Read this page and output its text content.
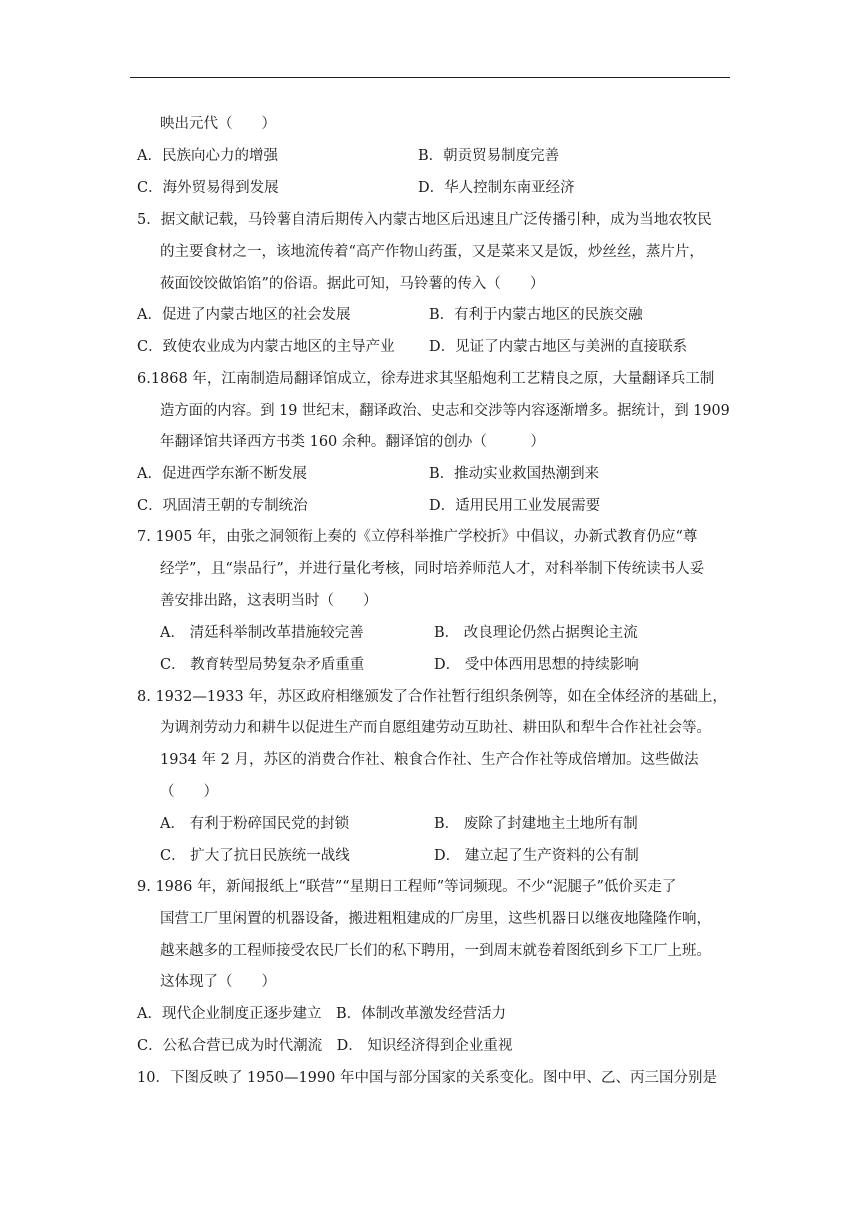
映出元代（　　）
A．民族向心力的增强	B．朝贡贸易制度完善
C．海外贸易得到发展	D．华人控制东南亚经济
5．据文献记载，马铃薯自清后期传入内蒙古地区后迅速且广泛传播引种，成为当地农牧民
的主要食材之一，该地流传着“高产作物山药蛋，又是菜来又是饭，炒丝丝，蒸片片，
莜面饺饺做馅馅”的俗语。据此可知，马铃薯的传入（　　）
A．促进了内蒙古地区的社会发展	B．有利于内蒙古地区的民族交融
C．致使农业成为内蒙古地区的主导产业 D．见证了内蒙古地区与美洲的直接联系
6.1868 年，江南制造局翻译馆成立，徐寿进求其坚船炮利工艺精良之原，大量翻译兵工制
造方面的内容。到 19 世纪末，翻译政治、史志和交涉等内容逐渐增多。据统计，到 1909
年翻译馆共译西方书类 160 余种。翻译馆的创办（　　　）
A．促进西学东渐不断发展	B．推动实业救国热潮到来
C．巩固清王朝的专制统治	D．适用民用工业发展需要
7. 1905 年，由张之洞领衔上奏的《立停科举推广学校折》中倡议，办新式教育仍应“尊
经学”，且“崇品行”，并进行量化考核，同时培养师范人才，对科举制下传统读书人妥
善安排出路，这表明当时（　　）
A． 清廷科举制改革措施较完善	B． 改良理论仍然占据舆论主流
C． 教育转型局势复杂矛盾重重	D． 受中体西用思想的持续影响
8. 1932—1933 年，苏区政府相继颁发了合作社暂行组织条例等，如在全体经济的基础上，
为调剂劳动力和耕牛以促进生产而自愿组建劳动互助社、耕田队和犁牛合作社社会等。
1934 年 2 月，苏区的消费合作社、粮食合作社、生产合作社等成倍增加。这些做法
（　　）
A． 有利于粉碎国民党的封锁	B． 废除了封建地主土地所有制
C． 扩大了抗日民族统一战线	D． 建立起了生产资料的公有制
9. 1986 年，新闻报纸上“联营”“星期日工程师”等词频现。不少“泥腿子”低价买走了
国营工厂里闲置的机器设备，搬进粗粗建成的厂房里，这些机器日以继夜地隆隆作响，
越来越多的工程师接受农民厂长们的私下聘用，一到周末就卷着图纸到乡下工厂上班。
这体现了（　　）
A．现代企业制度正逐步建立　B．体制改革激发经营活力
C．公私合营已成为时代潮流　D． 知识经济得到企业重视
10．下图反映了 1950—1990 年中国与部分国家的关系变化。图中甲、乙、丙三国分别是
